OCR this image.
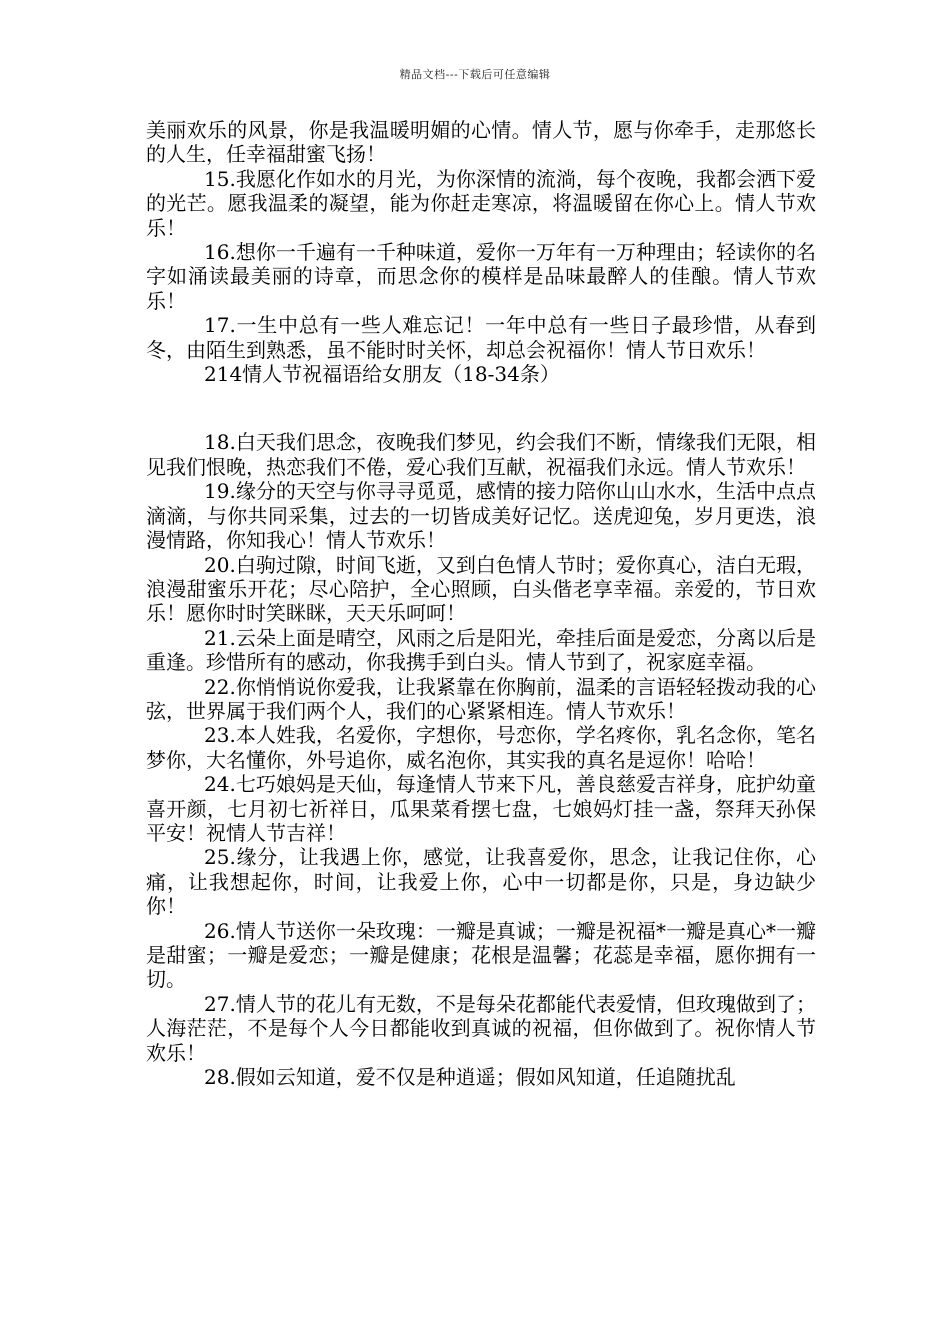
精品文档---下载后可任意编辑

美丽欢乐的风景，你是我温暖明媚的心情。情人节，愿与你牵手，走那悠长的人生，任幸福甜蜜飞扬！

15.我愿化作如水的月光，为你深情的流淌，每个夜晚，我都会洒下爱的光芒。愿我温柔的凝望，能为你赶走寒凉，将温暖留在你心上。情人节欢乐！

16.想你一千遍有一千种味道，爱你一万年有一万种理由；轻读你的名字如涌读最美丽的诗章，而思念你的模样是品味最醉人的佳酿。情人节欢乐！

17.一生中总有一些人难忘记！一年中总有一些日子最珍惜，从春到冬，由陌生到熟悉，虽不能时时关怀，却总会祝福你！情人节日欢乐！

214情人节祝福语给女朋友（18-34条）

18.白天我们思念，夜晚我们梦见，约会我们不断，情缘我们无限，相见我们恨晚，热恋我们不倦，爱心我们互献，祝福我们永远。情人节欢乐！

19.缘分的天空与你寻寻觅觅，感情的接力陪你山山水水，生活中点点滴滴，与你共同采集，过去的一切皆成美好记忆。送虎迎兔，岁月更迭，浪漫情路，你知我心！情人节欢乐！

20.白驹过隙，时间飞逝，又到白色情人节时；爱你真心，洁白无瑕，浪漫甜蜜乐开花；尽心陪护，全心照顾，白头偕老享幸福。亲爱的，节日欢乐！愿你时时笑眯眯，天天乐呵呵！

21.云朵上面是晴空，风雨之后是阳光，牵挂后面是爱恋，分离以后是重逢。珍惜所有的感动，你我携手到白头。情人节到了，祝家庭幸福。

22.你悄悄说你爱我，让我紧靠在你胸前，温柔的言语轻轻拨动我的心弦，世界属于我们两个人，我们的心紧紧相连。情人节欢乐！

23.本人姓我，名爱你，字想你，号恋你，学名疼你，乳名念你，笔名梦你，大名懂你，外号追你，威名泡你，其实我的真名是逗你！哈哈！

24.七巧娘妈是天仙，每逢情人节来下凡，善良慈爱吉祥身，庇护幼童喜开颜，七月初七祈祥日，瓜果菜肴摆七盘，七娘妈灯挂一盏，祭拜天孙保平安！祝情人节吉祥！

25.缘分，让我遇上你，感觉，让我喜爱你，思念，让我记住你，心痛，让我想起你，时间，让我爱上你，心中一切都是你，只是，身边缺少你！

26.情人节送你一朵玫瑰：一瓣是真诚；一瓣是祝福*一瓣是真心*一瓣是甜蜜；一瓣是爱恋；一瓣是健康；花根是温馨；花蕊是幸福，愿你拥有一切。

27.情人节的花儿有无数，不是每朵花都能代表爱情，但玫瑰做到了；人海茫茫，不是每个人今日都能收到真诚的祝福，但你做到了。祝你情人节欢乐！

28.假如云知道，爱不仅是种逍遥；假如风知道，任追随扰乱
